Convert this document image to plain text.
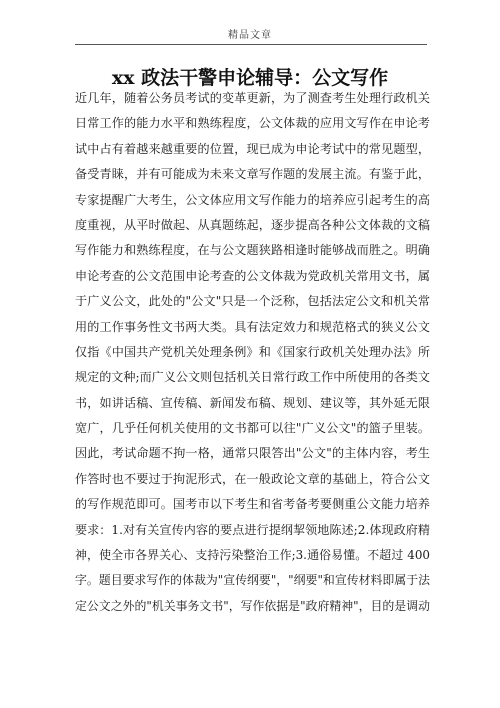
精品文章
xx 政法干警申论辅导：公文写作
近几年，随着公务员考试的变革更新，为了测查考生处理行政机关
日常工作的能力水平和熟练程度，公文体裁的应用文写作在申论考
试中占有着越来越重要的位置，现已成为申论考试中的常见题型，
备受青睐，并有可能成为未来文章写作题的发展主流。有鉴于此，
专家提醒广大考生，公文体应用文写作能力的培养应引起考生的高
度重视，从平时做起、从真题练起，逐步提高各种公文体裁的文稿
写作能力和熟练程度，在与公文题狭路相逢时能够战而胜之。明确
申论考查的公文范围申论考查的公文体裁为党政机关常用文书，属
于广义公文，此处的"公文"只是一个泛称，包括法定公文和机关常
用的工作事务性文书两大类。具有法定效力和规范格式的狭义公文
仅指《中国共产党机关处理条例》和《国家行政机关处理办法》所
规定的文种;而广义公文则包括机关日常行政工作中所使用的各类文
书，如讲话稿、宣传稿、新闻发布稿、规划、建议等，其外延无限
宽广，几乎任何机关使用的文书都可以往"广义公文"的篮子里装。
因此，考试命题不拘一格，通常只限答出"公文"的主体内容，考生
作答时也不要过于拘泥形式，在一般政论文章的基础上，符合公文
的写作规范即可。国考市以下考生和省考备考要侧重公文能力培养
要求：1.对有关宣传内容的要点进行提纲挈领地陈述;2.体现政府精
神，使全市各界关心、支持污染整治工作;3.通俗易懂。不超过 400
字。题目要求写作的体裁为"宣传纲要"，"纲要"和宣传材料即属于法
定公文之外的"机关事务文书"，写作依据是"政府精神"，目的是调动
